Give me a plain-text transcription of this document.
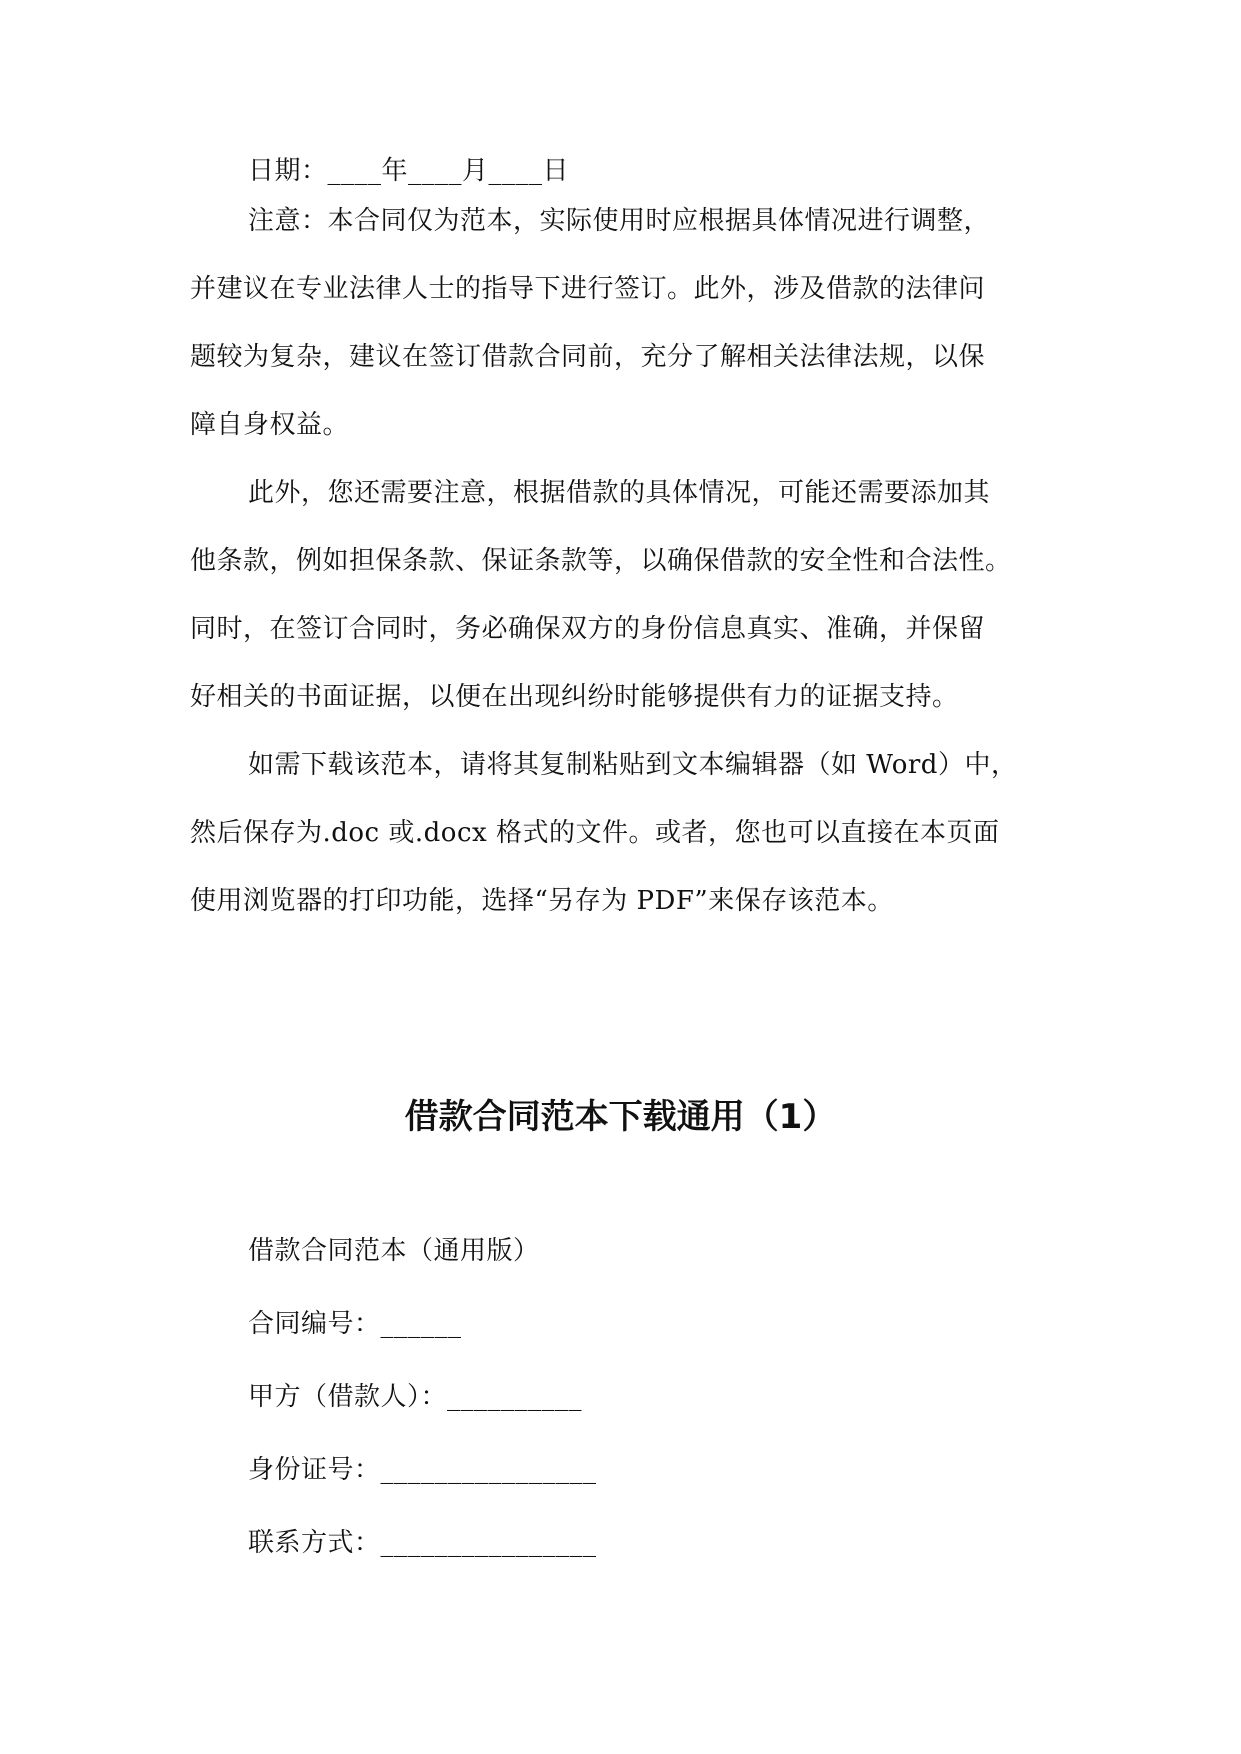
日期：____年____月____日
注意：本合同仅为范本，实际使用时应根据具体情况进行调整，
并建议在专业法律人士的指导下进行签订。此外，涉及借款的法律问
题较为复杂，建议在签订借款合同前，充分了解相关法律法规，以保
障自身权益。
此外，您还需要注意，根据借款的具体情况，可能还需要添加其
他条款，例如担保条款、保证条款等，以确保借款的安全性和合法性。
同时，在签订合同时，务必确保双方的身份信息真实、准确，并保留
好相关的书面证据，以便在出现纠纷时能够提供有力的证据支持。
如需下载该范本，请将其复制粘贴到文本编辑器（如 Word）中，
然后保存为.doc 或.docx 格式的文件。或者，您也可以直接在本页面
使用浏览器的打印功能，选择“另存为 PDF”来保存该范本。
借款合同范本下载通用（1）
借款合同范本（通用版）
合同编号：______
甲方（借款人）：__________
身份证号：________________
联系方式：________________
